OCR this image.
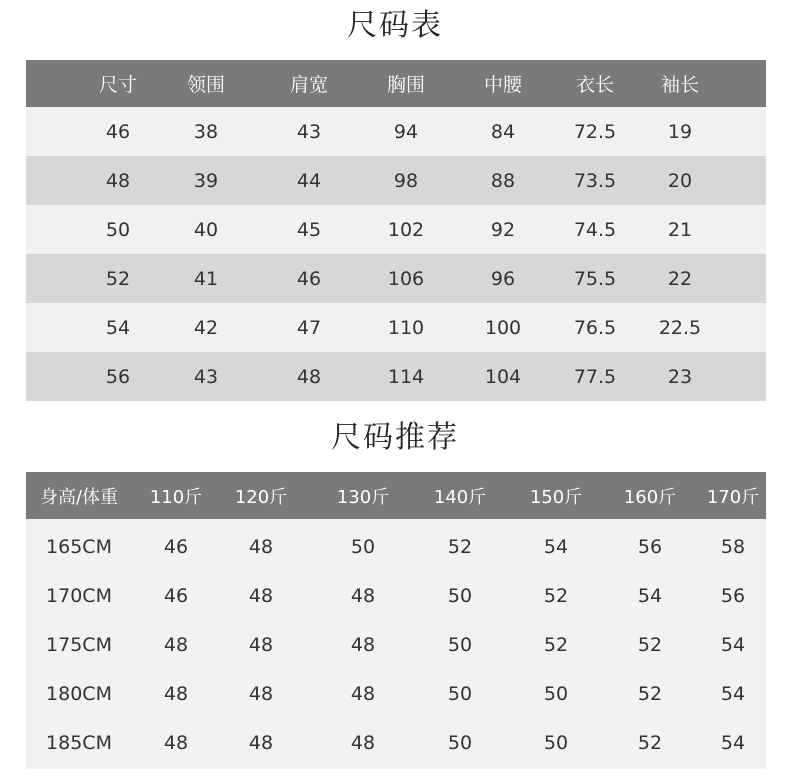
尺码表
尺寸	领围	肩宽	胸围	中腰	衣长	袖长
46	38	43	94	84	72.5	19
48	39	44	98	88	73.5	20
50	40	45	102	92	74.5	21
52	41	46	106	96	75.5	22
54	42	47	110	100	76.5	22.5
56	43	48	114	104	77.5	23
尺码推荐
身高/体重	110斤	120斤	130斤	140斤	150斤	160斤	170斤
165CM	46	48	50	52	54	56	58
170CM	46	48	48	50	52	54	56
175CM	48	48	48	50	52	52	54
180CM	48	48	48	50	50	52	54
185CM	48	48	48	50	50	52	54
